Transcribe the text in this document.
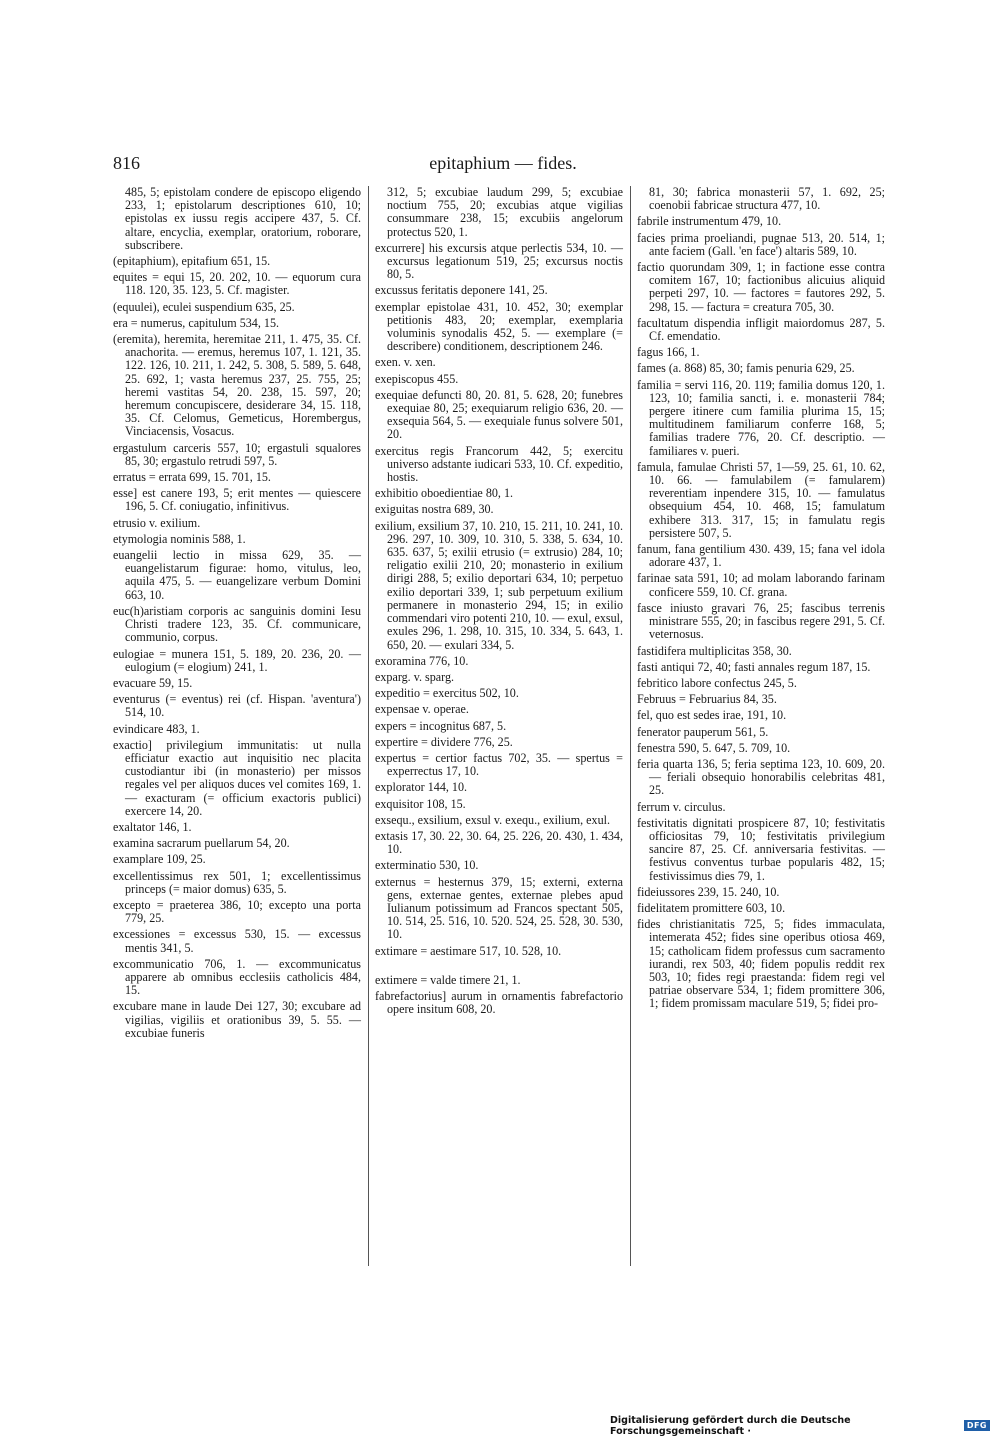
816	epitaphium — fides.

485, 5; epistolam condere de episcopo eligendo 233, 1; epistolarum descriptiones 610, 10; epistolas ex iussu regis accipere 437, 5. Cf. altare, encyclia, exemplar, oratorium, roborare, subscribere.

(epitaphium), epitafium 651, 15.

equites = equi 15, 20. 202, 10. — equorum cura 118. 120, 35. 123, 5. Cf. magister.

(equulei), eculei suspendium 635, 25.

era = numerus, capitulum 534, 15.

(eremita), heremita, heremitae 211, 1. 475, 35. Cf. anachorita. — eremus, heremus 107, 1. 121, 35. 122. 126, 10. 211, 1. 242, 5. 308, 5. 589, 5. 648, 25. 692, 1; vasta heremus 237, 25. 755, 25; heremi vastitas 54, 20. 238, 15. 597, 20; heremum concupiscere, desiderare 34, 15. 118, 35. Cf. Celomus, Gemeticus, Horembergus, Vinciacensis, Vosacus.

ergastulum carceris 557, 10; ergastuli squalores 85, 30; ergastulo retrudi 597, 5.

erratus = errata 699, 15. 701, 15.

esse] est canere 193, 5; erit mentes — quiescere 196, 5. Cf. coniugatio, infinitivus.

etrusio v. exilium.

etymologia nominis 588, 1.

euangelii lectio in missa 629, 35. — euangelistarum figurae: homo, vitulus, leo, aquila 475, 5. — euangelizare verbum Domini 663, 10.

euc(h)aristiam corporis ac sanguinis domini Iesu Christi tradere 123, 35. Cf. communicare, communio, corpus.

eulogiae = munera 151, 5. 189, 20. 236, 20. — eulogium (= elogium) 241, 1.

evacuare 59, 15.

eventurus (= eventus) rei (cf. Hispan. 'aventura') 514, 10.

evindicare 483, 1.

exactio] privilegium immunitatis: ut nulla efficiatur exactio aut inquisitio nec placita custodiantur ibi (in monasterio) per missos regales vel per aliquos duces vel comites 169, 1. — exacturam (= officium exactoris publici) exercere 14, 20.

exaltator 146, 1.

examina sacrarum puellarum 54, 20.

examplare 109, 25.

excellentissimus rex 501, 1; excellentissimus princeps (= maior domus) 635, 5.

excepto = praeterea 386, 10; excepto una porta 779, 25.

excessiones = excessus 530, 15. — excessus mentis 341, 5.

excommunicatio 706, 1. — excommunicatus apparere ab omnibus ecclesiis catholicis 484, 15.

excubare mane in laude Dei 127, 30; excubare ad vigilias, vigiliis et orationibus 39, 5. 55. — excubiae funeris

312, 5; excubiae laudum 299, 5; excubiae noctium 755, 20; excubias atque vigilias consummare 238, 15; excubiis angelorum protectus 520, 1.

excurrere] his excursis atque perlectis 534, 10. — excursus legationum 519, 25; excursus noctis 80, 5.

excussus feritatis deponere 141, 25.

exemplar epistolae 431, 10. 452, 30; exemplar petitionis 483, 20; exemplar, exemplaria voluminis synodalis 452, 5. — exemplare (= describere) conditionem, descriptionem 246.

exen. v. xen.

exepiscopus 455.

exequiae defuncti 80, 20. 81, 5. 628, 20; funebres exequiae 80, 25; exequiarum religio 636, 20. — exsequia 564, 5. — exequiale funus solvere 501, 20.

exercitus regis Francorum 442, 5; exercitu universo adstante iudicari 533, 10. Cf. expeditio, hostis.

exhibitio oboedientiae 80, 1.

exiguitas nostra 689, 30.

exilium, exsilium 37, 10. 210, 15. 211, 10. 241, 10. 296. 297, 10. 309, 10. 310, 5. 338, 5. 634, 10. 635. 637, 5; exilii etrusio (= extrusio) 284, 10; religatio exilii 210, 20; monasterio in exilium dirigi 288, 5; exilio deportari 634, 10; perpetuo exilio deportari 339, 1; sub perpetuum exilium permanere in monasterio 294, 15; in exilio commendari viro potenti 210, 10. — exul, exsul, exules 296, 1. 298, 10. 315, 10. 334, 5. 643, 1. 650, 20. — exulari 334, 5.

exoramina 776, 10.

exparg. v. sparg.

expeditio = exercitus 502, 10.

expensae v. operae.

expers = incognitus 687, 5.

expertire = dividere 776, 25.

expertus = certior factus 702, 35. — spertus = experrectus 17, 10.

explorator 144, 10.

exquisitor 108, 15.

exsequ., exsilium, exsul v. exequ., exilium, exul.

extasis 17, 30. 22, 30. 64, 25. 226, 20. 430, 1. 434, 10.

exterminatio 530, 10.

externus = hesternus 379, 15; externi, externa gens, externae gentes, externae plebes apud Iulianum potissimum ad Francos spectant 505, 10. 514, 25. 516, 10. 520. 524, 25. 528, 30. 530, 10.

extimare = aestimare 517, 10. 528, 10.

extimere = valde timere 21, 1.

fabrefactorius] aurum in ornamentis fabrefactorio opere insitum 608, 20.

81, 30; fabrica monasterii 57, 1. 692, 25; coenobii fabricae structura 477, 10.

fabrile instrumentum 479, 10.

facies prima proeliandi, pugnae 513, 20. 514, 1; ante faciem (Gall. 'en face') altaris 589, 10.

factio quorundam 309, 1; in factione esse contra comitem 167, 10; factionibus alicuius aliquid perpeti 297, 10. — factores = fautores 292, 5. 298, 15. — factura = creatura 705, 30.

facultatum dispendia infligit maiordomus 287, 5. Cf. emendatio.

fagus 166, 1.

fames (a. 868) 85, 30; famis penuria 629, 25.

familia = servi 116, 20. 119; familia domus 120, 1. 123, 10; familia sancti, i. e. monasterii 784; pergere itinere cum familia plurima 15, 15; multitudinem familiarum conferre 168, 5; familias tradere 776, 20. Cf. descriptio. — familiares v. pueri.

famula, famulae Christi 57, 1—59, 25. 61, 10. 62, 10. 66. — famulabilem (= famularem) reverentiam inpendere 315, 10. — famulatus obsequium 454, 10. 468, 15; famulatum exhibere 313. 317, 15; in famulatu regis persistere 507, 5.

fanum, fana gentilium 430. 439, 15; fana vel idola adorare 437, 1.

farinae sata 591, 10; ad molam laborando farinam conficere 559, 10. Cf. grana.

fasce iniusto gravari 76, 25; fascibus terrenis ministrare 555, 20; in fascibus regere 291, 5. Cf. veternosus.

fastidifera multiplicitas 358, 30.

fasti antiqui 72, 40; fasti annales regum 187, 15.

febritico labore confectus 245, 5.

Februus = Februarius 84, 35.

fel, quo est sedes irae, 191, 10.

fenerator pauperum 561, 5.

fenestra 590, 5. 647, 5. 709, 10.

feria quarta 136, 5; feria septima 123, 10. 609, 20. — feriali obsequio honorabilis celebritas 481, 25.

ferrum v. circulus.

festivitatis dignitati prospicere 87, 10; festivitatis officiositas 79, 10; festivitatis privilegium sancire 87, 25. Cf. anniversaria festivitas. — festivus conventus turbae popularis 482, 15; festivissimus dies 79, 1.

fideiussores 239, 15. 240, 10.

fidelitatem promittere 603, 10.

fides christianitatis 725, 5; fides immaculata, intemerata 452; fides sine operibus otiosa 469, 15; catholicam fidem professus cum sacramento iurandi, rex 503, 40; fidem populis reddit rex 503, 10; fides regi praestanda: fidem regi vel patriae observare 534, 1; fidem promittere 306, 1; fidem promissam maculare 519, 5; fidei pro-

Digitalisierung gefördert durch die Deutsche Forschungsgemeinschaft ·	DFG
